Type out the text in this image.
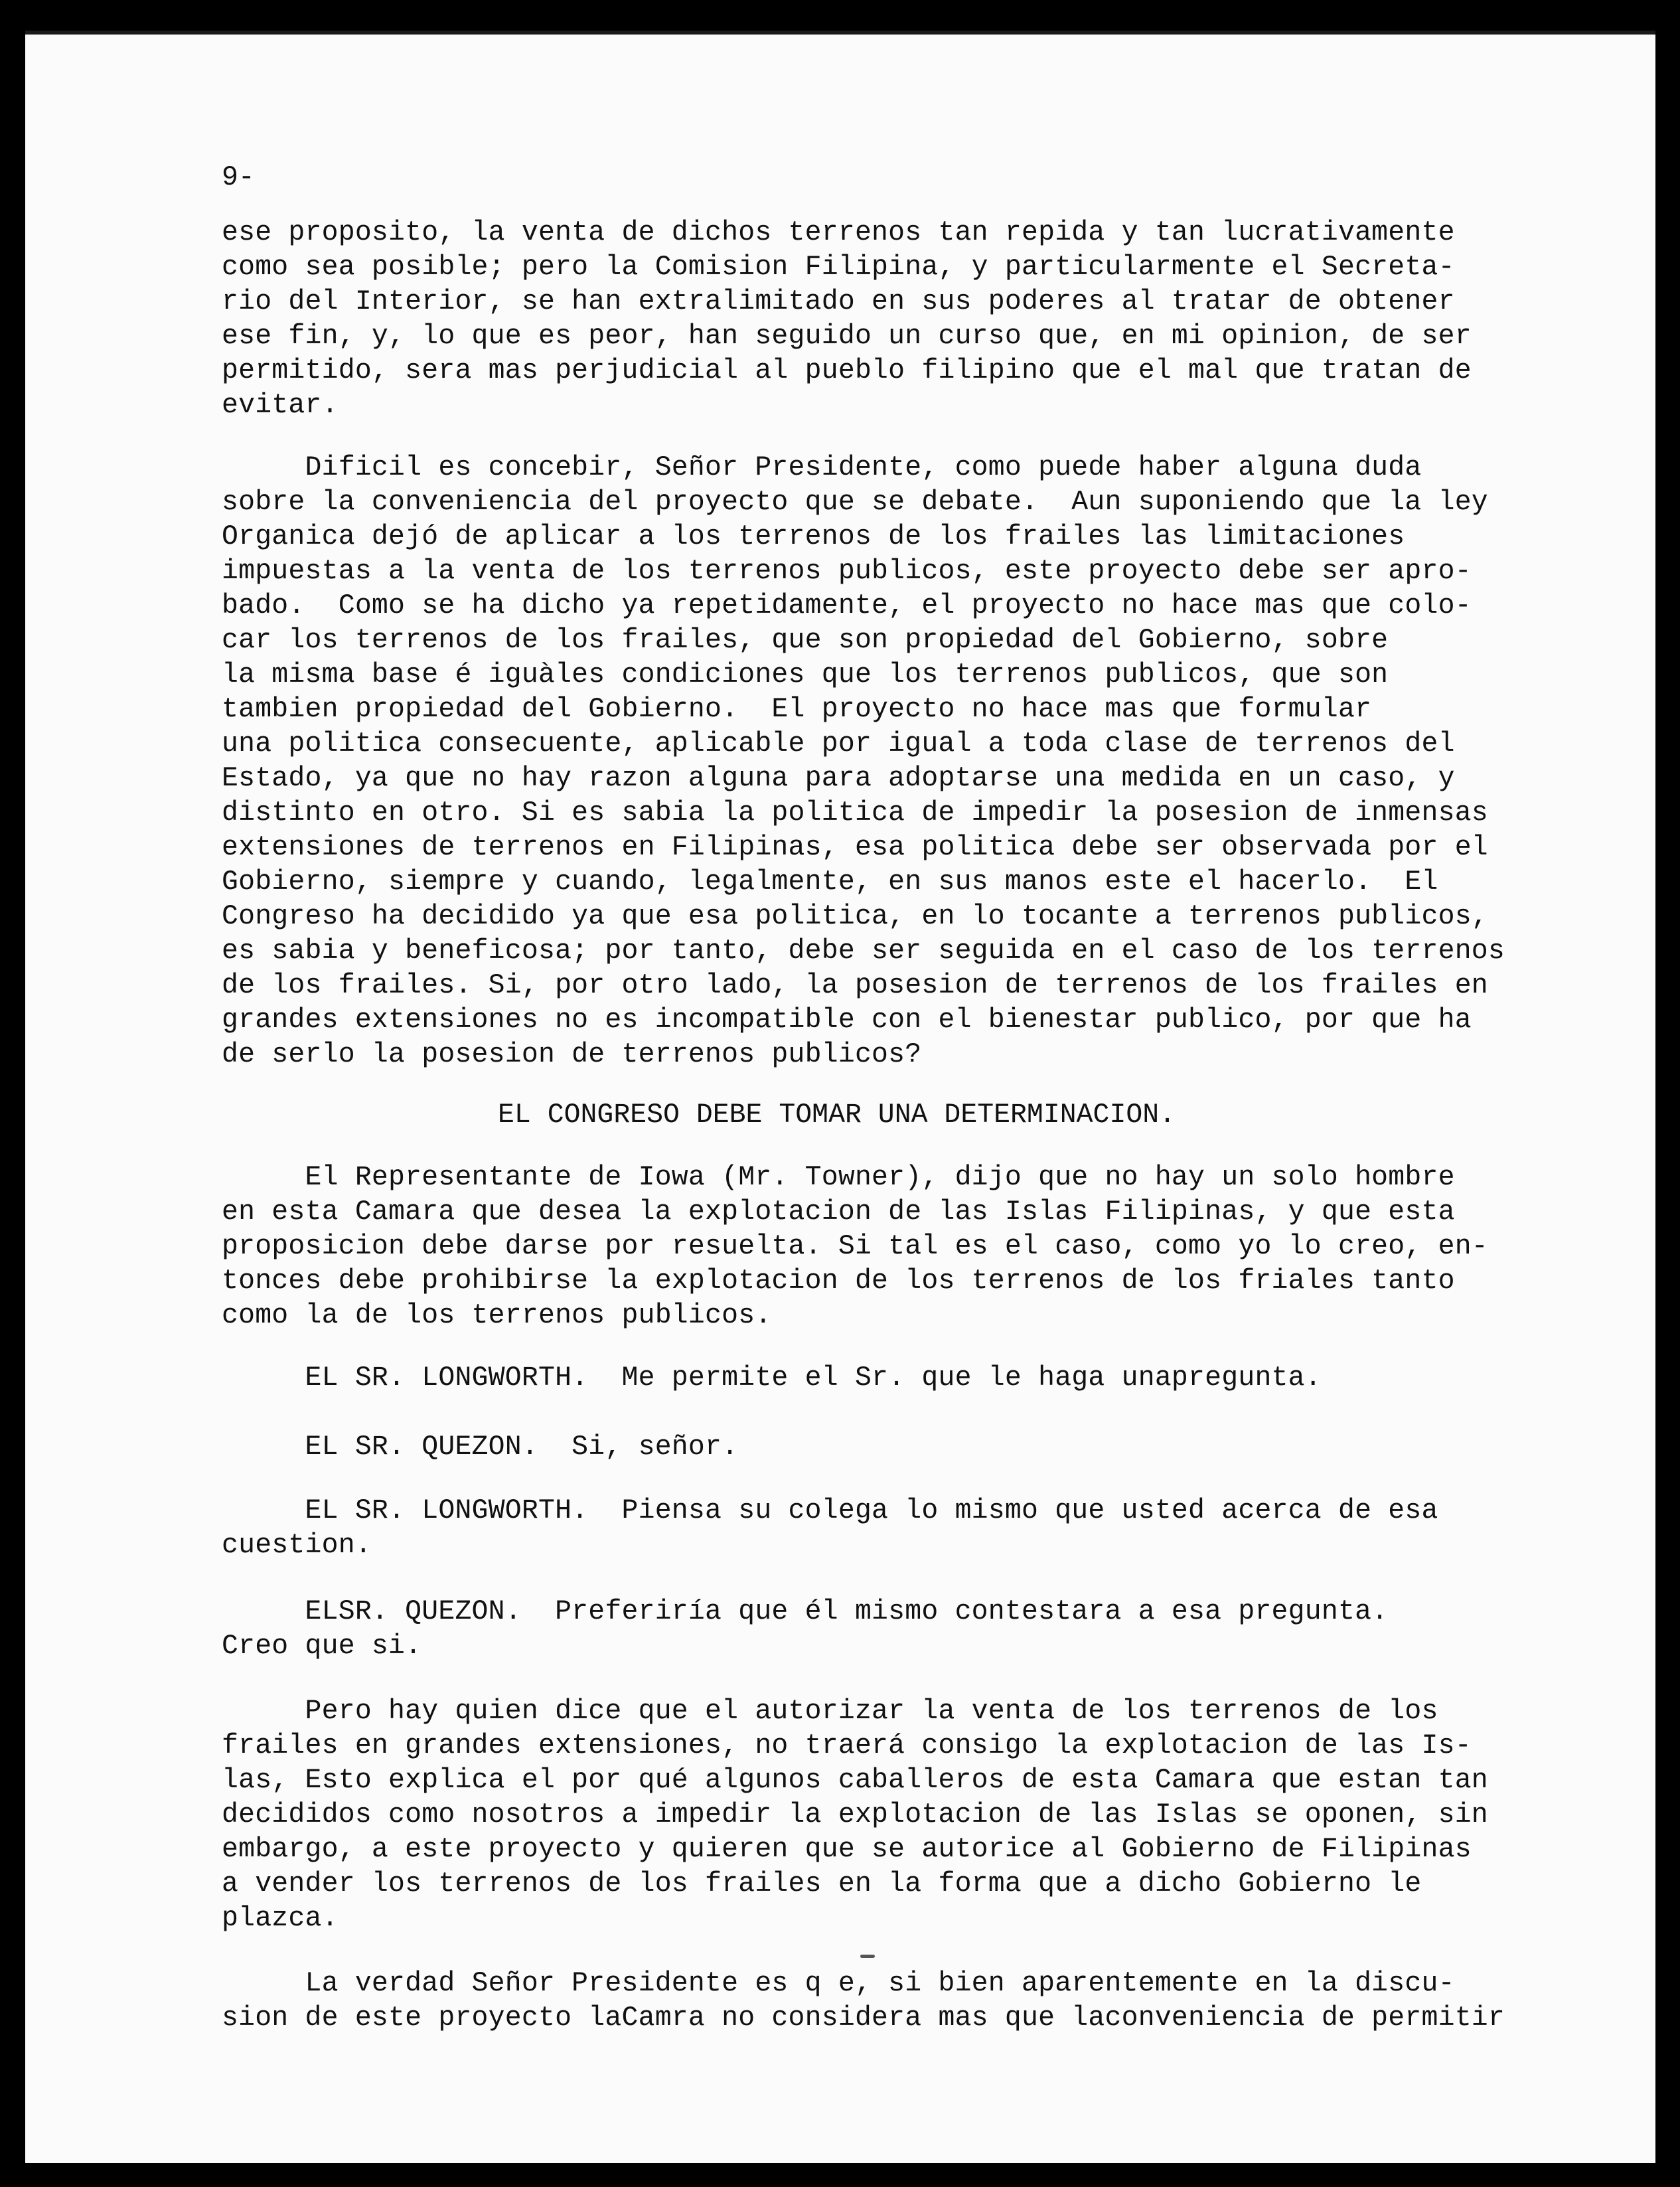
9-
ese proposito, la venta de dichos terrenos tan repida y tan lucrativamente
como sea posible; pero la Comision Filipina, y particularmente el Secreta-
rio del Interior, se han extralimitado en sus poderes al tratar de obtener
ese fin, y, lo que es peor, han seguido un curso que, en mi opinion, de ser
permitido, sera mas perjudicial al pueblo filipino que el mal que tratan de
evitar.
Dificil es concebir, Señor Presidente, como puede haber alguna duda
sobre la conveniencia del proyecto que se debate.  Aun suponiendo que la ley
Organica dejó de aplicar a los terrenos de los frailes las limitaciones
impuestas a la venta de los terrenos publicos, este proyecto debe ser apro-
bado.  Como se ha dicho ya repetidamente, el proyecto no hace mas que colo-
car los terrenos de los frailes, que son propiedad del Gobierno, sobre
la misma base é iguàles condiciones que los terrenos publicos, que son
tambien propiedad del Gobierno.  El proyecto no hace mas que formular
una politica consecuente, aplicable por igual a toda clase de terrenos del
Estado, ya que no hay razon alguna para adoptarse una medida en un caso, y
distinto en otro. Si es sabia la politica de impedir la posesion de inmensas
extensiones de terrenos en Filipinas, esa politica debe ser observada por el
Gobierno, siempre y cuando, legalmente, en sus manos este el hacerlo.  El
Congreso ha decidido ya que esa politica, en lo tocante a terrenos publicos,
es sabia y beneficosa; por tanto, debe ser seguida en el caso de los terrenos
de los frailes. Si, por otro lado, la posesion de terrenos de los frailes en
grandes extensiones no es incompatible con el bienestar publico, por que ha
de serlo la posesion de terrenos publicos?
EL CONGRESO DEBE TOMAR UNA DETERMINACION.
El Representante de Iowa (Mr. Towner), dijo que no hay un solo hombre
en esta Camara que desea la explotacion de las Islas Filipinas, y que esta
proposicion debe darse por resuelta. Si tal es el caso, como yo lo creo, en-
tonces debe prohibirse la explotacion de los terrenos de los friales tanto
como la de los terrenos publicos.
EL SR. LONGWORTH.  Me permite el Sr. que le haga unapregunta.
EL SR. QUEZON.  Si, señor.
EL SR. LONGWORTH.  Piensa su colega lo mismo que usted acerca de esa
cuestion.
ELSR. QUEZON.  Preferiría que él mismo contestara a esa pregunta.
Creo que si.
Pero hay quien dice que el autorizar la venta de los terrenos de los
frailes en grandes extensiones, no traerá consigo la explotacion de las Is-
las, Esto explica el por qué algunos caballeros de esta Camara que estan tan
decididos como nosotros a impedir la explotacion de las Islas se oponen, sin
embargo, a este proyecto y quieren que se autorice al Gobierno de Filipinas
a vender los terrenos de los frailes en la forma que a dicho Gobierno le
plazca.
La verdad Señor Presidente es q e, si bien aparentemente en la discu-
sion de este proyecto laCamra no considera mas que laconveniencia de permitir
